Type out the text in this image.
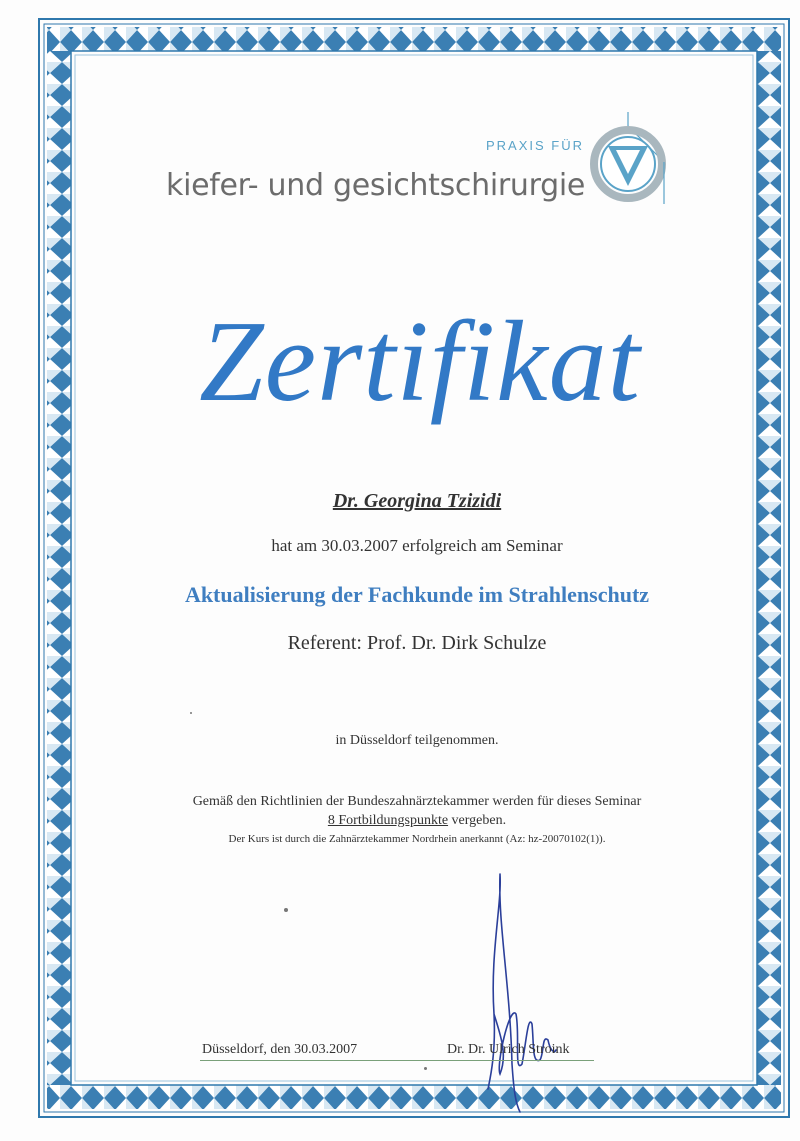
PRAXIS FÜR
kiefer- und gesichtschirurgie
Zertifikat
Dr. Georgina Tzizidi
hat am 30.03.2007 erfolgreich am Seminar
Aktualisierung der Fachkunde im Strahlenschutz
Referent: Prof. Dr. Dirk Schulze
in Düsseldorf teilgenommen.
Gemäß den Richtlinien der Bundeszahnärztekammer werden für dieses Seminar
8 Fortbildungspunkte vergeben.
Der Kurs ist durch die Zahnärztekammer Nordrhein anerkannt (Az: hz-20070102(1)).
Düsseldorf, den 30.03.2007	Dr. Dr. Ulrich Stroink
